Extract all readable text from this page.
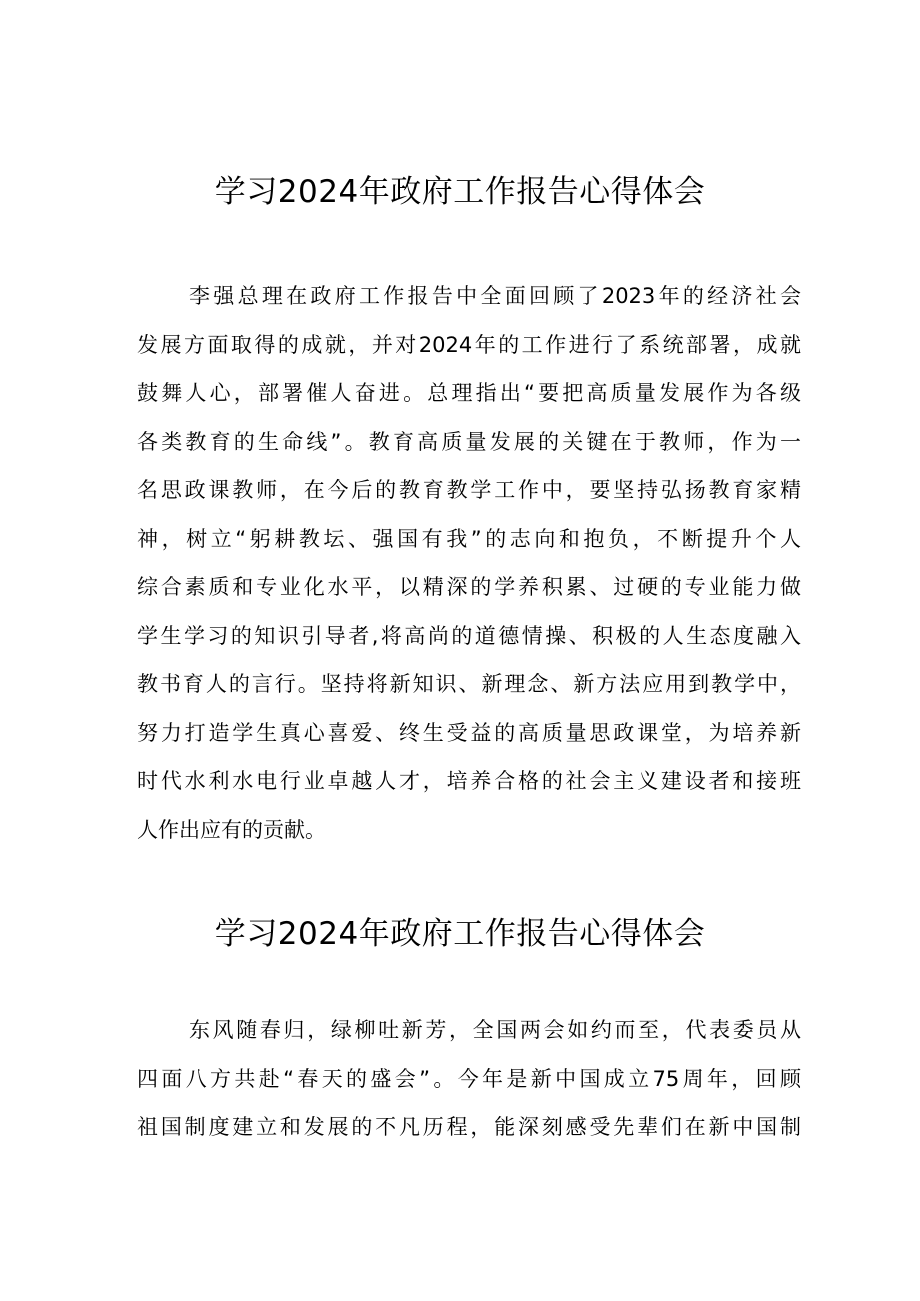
学习2024年政府工作报告心得体会
李强总理在政府工作报告中全面回顾了2023年的经济社会
发展方面取得的成就，并对2024年的工作进行了系统部署，成就
鼓舞人心，部署催人奋进。总理指出“要把高质量发展作为各级
各类教育的生命线”。教育高质量发展的关键在于教师，作为一
名思政课教师，在今后的教育教学工作中，要坚持弘扬教育家精
神，树立“躬耕教坛、强国有我”的志向和抱负，不断提升个人
综合素质和专业化水平，以精深的学养积累、过硬的专业能力做
学生学习的知识引导者,将高尚的道德情操、积极的人生态度融入
教书育人的言行。坚持将新知识、新理念、新方法应用到教学中，
努力打造学生真心喜爱、终生受益的高质量思政课堂，为培养新
时代水利水电行业卓越人才，培养合格的社会主义建设者和接班
人作出应有的贡献。
学习2024年政府工作报告心得体会
东风随春归，绿柳吐新芳，全国两会如约而至，代表委员从
四面八方共赴“春天的盛会”。今年是新中国成立75周年，回顾
祖国制度建立和发展的不凡历程，能深刻感受先辈们在新中国制
